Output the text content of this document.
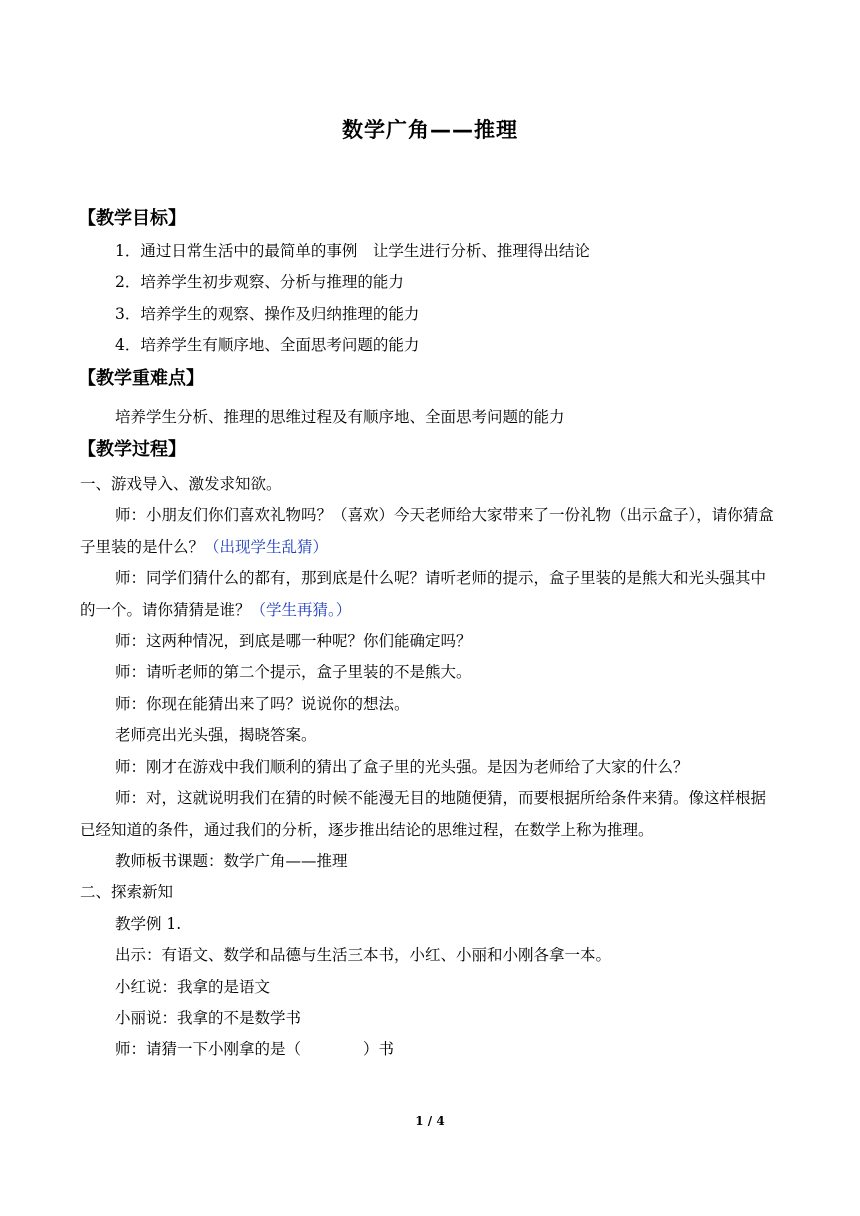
数学广角——推理
【教学目标】
1．通过日常生活中的最简单的事例　让学生进行分析、推理得出结论
2．培养学生初步观察、分析与推理的能力
3．培养学生的观察、操作及归纳推理的能力
4．培养学生有顺序地、全面思考问题的能力
【教学重难点】
培养学生分析、推理的思维过程及有顺序地、全面思考问题的能力
【教学过程】
一、游戏导入、激发求知欲。
师：小朋友们你们喜欢礼物吗？（喜欢）今天老师给大家带来了一份礼物（出示盒子），请你猜盒子里装的是什么？（出现学生乱猜）
师：同学们猜什么的都有，那到底是什么呢？请听老师的提示，盒子里装的是熊大和光头强其中的一个。请你猜猜是谁？（学生再猜。）
师：这两种情况，到底是哪一种呢？你们能确定吗？
师：请听老师的第二个提示，盒子里装的不是熊大。
师：你现在能猜出来了吗？说说你的想法。
老师亮出光头强，揭晓答案。
师：刚才在游戏中我们顺利的猜出了盒子里的光头强。是因为老师给了大家的什么？
师：对，这就说明我们在猜的时候不能漫无目的地随便猜，而要根据所给条件来猜。像这样根据已经知道的条件，通过我们的分析，逐步推出结论的思维过程，在数学上称为推理。
教师板书课题：数学广角——推理
二、探索新知
教学例 1.
出示：有语文、数学和品德与生活三本书，小红、小丽和小刚各拿一本。
小红说：我拿的是语文
小丽说：我拿的不是数学书
师：请猜一下小刚拿的是（　　　　）书
1 / 4
